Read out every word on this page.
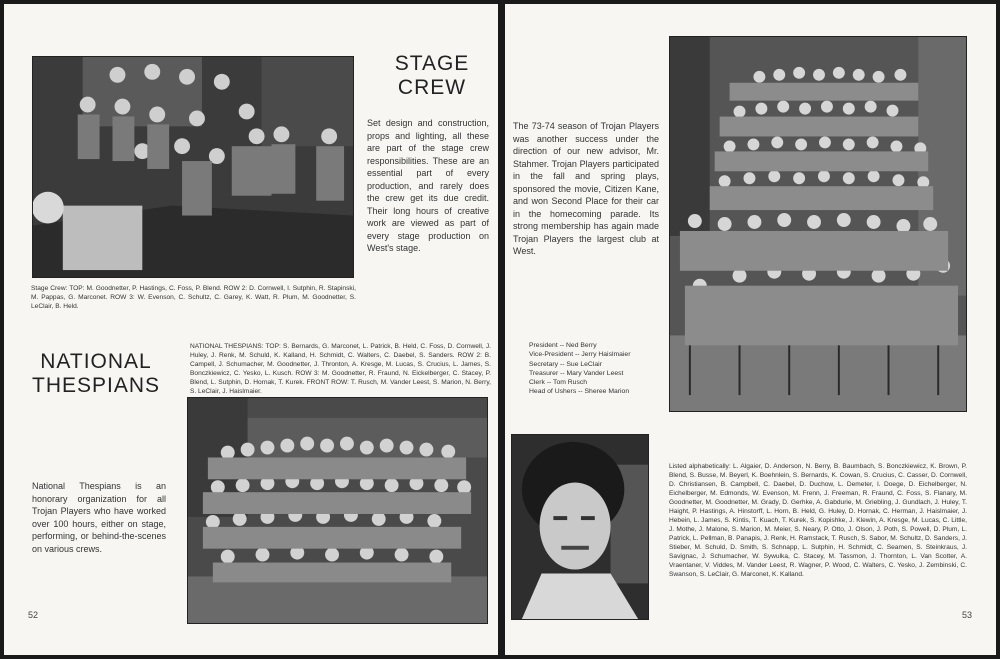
STAGE
CREW
Set design and construction, props and lighting, all these are part of the stage crew responsibilities. These are an essential part of every production, and rarely does the crew get its due credit. Their long hours of creative work are viewed as part of every stage production on West's stage.
Stage Crew: TOP: M. Goodnetter, P. Hastings, C. Foss, P. Blend. ROW 2: D. Cornwell, I. Sutphin, R. Stapinski, M. Pappas, G. Marconet. ROW 3: W. Evenson, C. Schultz, C. Garey, K. Watt, R. Plum, M. Goodnetter, S. LeClair, B. Held.
NATIONAL
THESPIANS
NATIONAL THESPIANS: TOP: S. Bernards, G. Marconet, L. Patrick, B. Held, C. Foss, D. Cornwell, J. Huley, J. Renk, M. Schuld, K. Kalland, H. Schmidt, C. Walters, C. Daebel, S. Sanders. ROW 2: B. Campell, J. Schumacher, M. Goodnetter, J. Thronton, A. Kresge, M. Lucas, S. Crucius, L. James, S. Bonczkiewicz, C. Yesko, L. Kusch. ROW 3: M. Goodnetter, R. Fraund, N. Eickelberger, C. Stacey, P. Blend, L. Sutphin, D. Hornak, T. Kurek. FRONT ROW: T. Rusch, M. Vander Leest, S. Marion, N. Berry, S. LeClair, J. Haislmaier.
National Thespians is an honorary organization for all Trojan Players who have worked over 100 hours, either on stage, performing, or behind-the-scenes on various crews.
52
The 73-74 season of Trojan Players was another success under the direction of our new advisor, Mr. Stahmer. Trojan Players participated in the fall and spring plays, sponsored the movie, Citizen Kane, and won Second Place for their car in the homecoming parade. Its strong membership has again made Trojan Players the largest club at West.
President -- Ned Berry
Vice-President -- Jerry Haislmaier
Secretary -- Sue LeClair
Treasurer -- Mary Vander Leest
Clerk -- Tom Rusch
Head of Ushers -- Sheree Marion
Listed alphabetically: L. Algaier, D. Anderson, N. Berry, B. Baumbach, S. Bonczkiewicz, K. Brown, P. Blend, S. Busse, M. Beyerl, K. Boehnlein, S. Bernards, K. Cowan, S. Crucius, C. Casser, D. Cornwell, D. Christiansen, B. Campbell, C. Daebel, D. Duchow, L. Demeter, I. Doege, D. Eichelberger, N. Eichelberger, M. Edmonds, W. Evenson, M. Frenn, J. Freeman, R. Fraund, C. Foss, S. Flanary, M. Goodnetter, M. Goodnetter, M. Grady, D. Gerhke, A. Gabdurie, M. Griebling, J. Gundlach, J. Huley, T. Haight, P. Hastings, A. Hinstorff, L. Horn, B. Held, G. Huley, D. Hornak, C. Herman, J. Haislmaier, J. Hebein, L. James, S. Kintis, T. Kuach, T. Kurek, S. Kopishke, J. Klewin, A. Kresge, M. Lucas, C. Little, J. Mothe, J. Malone, S. Marion, M. Meier, S. Neary, P. Otto, J. Olson, J. Poth, S. Powell, D. Plum, L. Patrick, L. Pellman, B. Panapis, J. Renk, H. Ramstack, T. Rusch, S. Sabor, M. Schultz, D. Sanders, J. Stieber, M. Schuld, D. Smith, S. Schnapp, L. Sutphin, H. Schmidt, C. Seamen, S. Steinkraus, J. Savignac, J. Schumacher, W. Sywulka, C. Stacey, M. Tassmon, J. Thornton, L. Van Scotter, A. Vraentaner, V. Viddes, M. Vander Leest, R. Wagner, P. Wood, C. Walters, C. Yesko, J. Zembinski, C. Swanson, S. LeClair, G. Marconet, K. Kalland.
53
